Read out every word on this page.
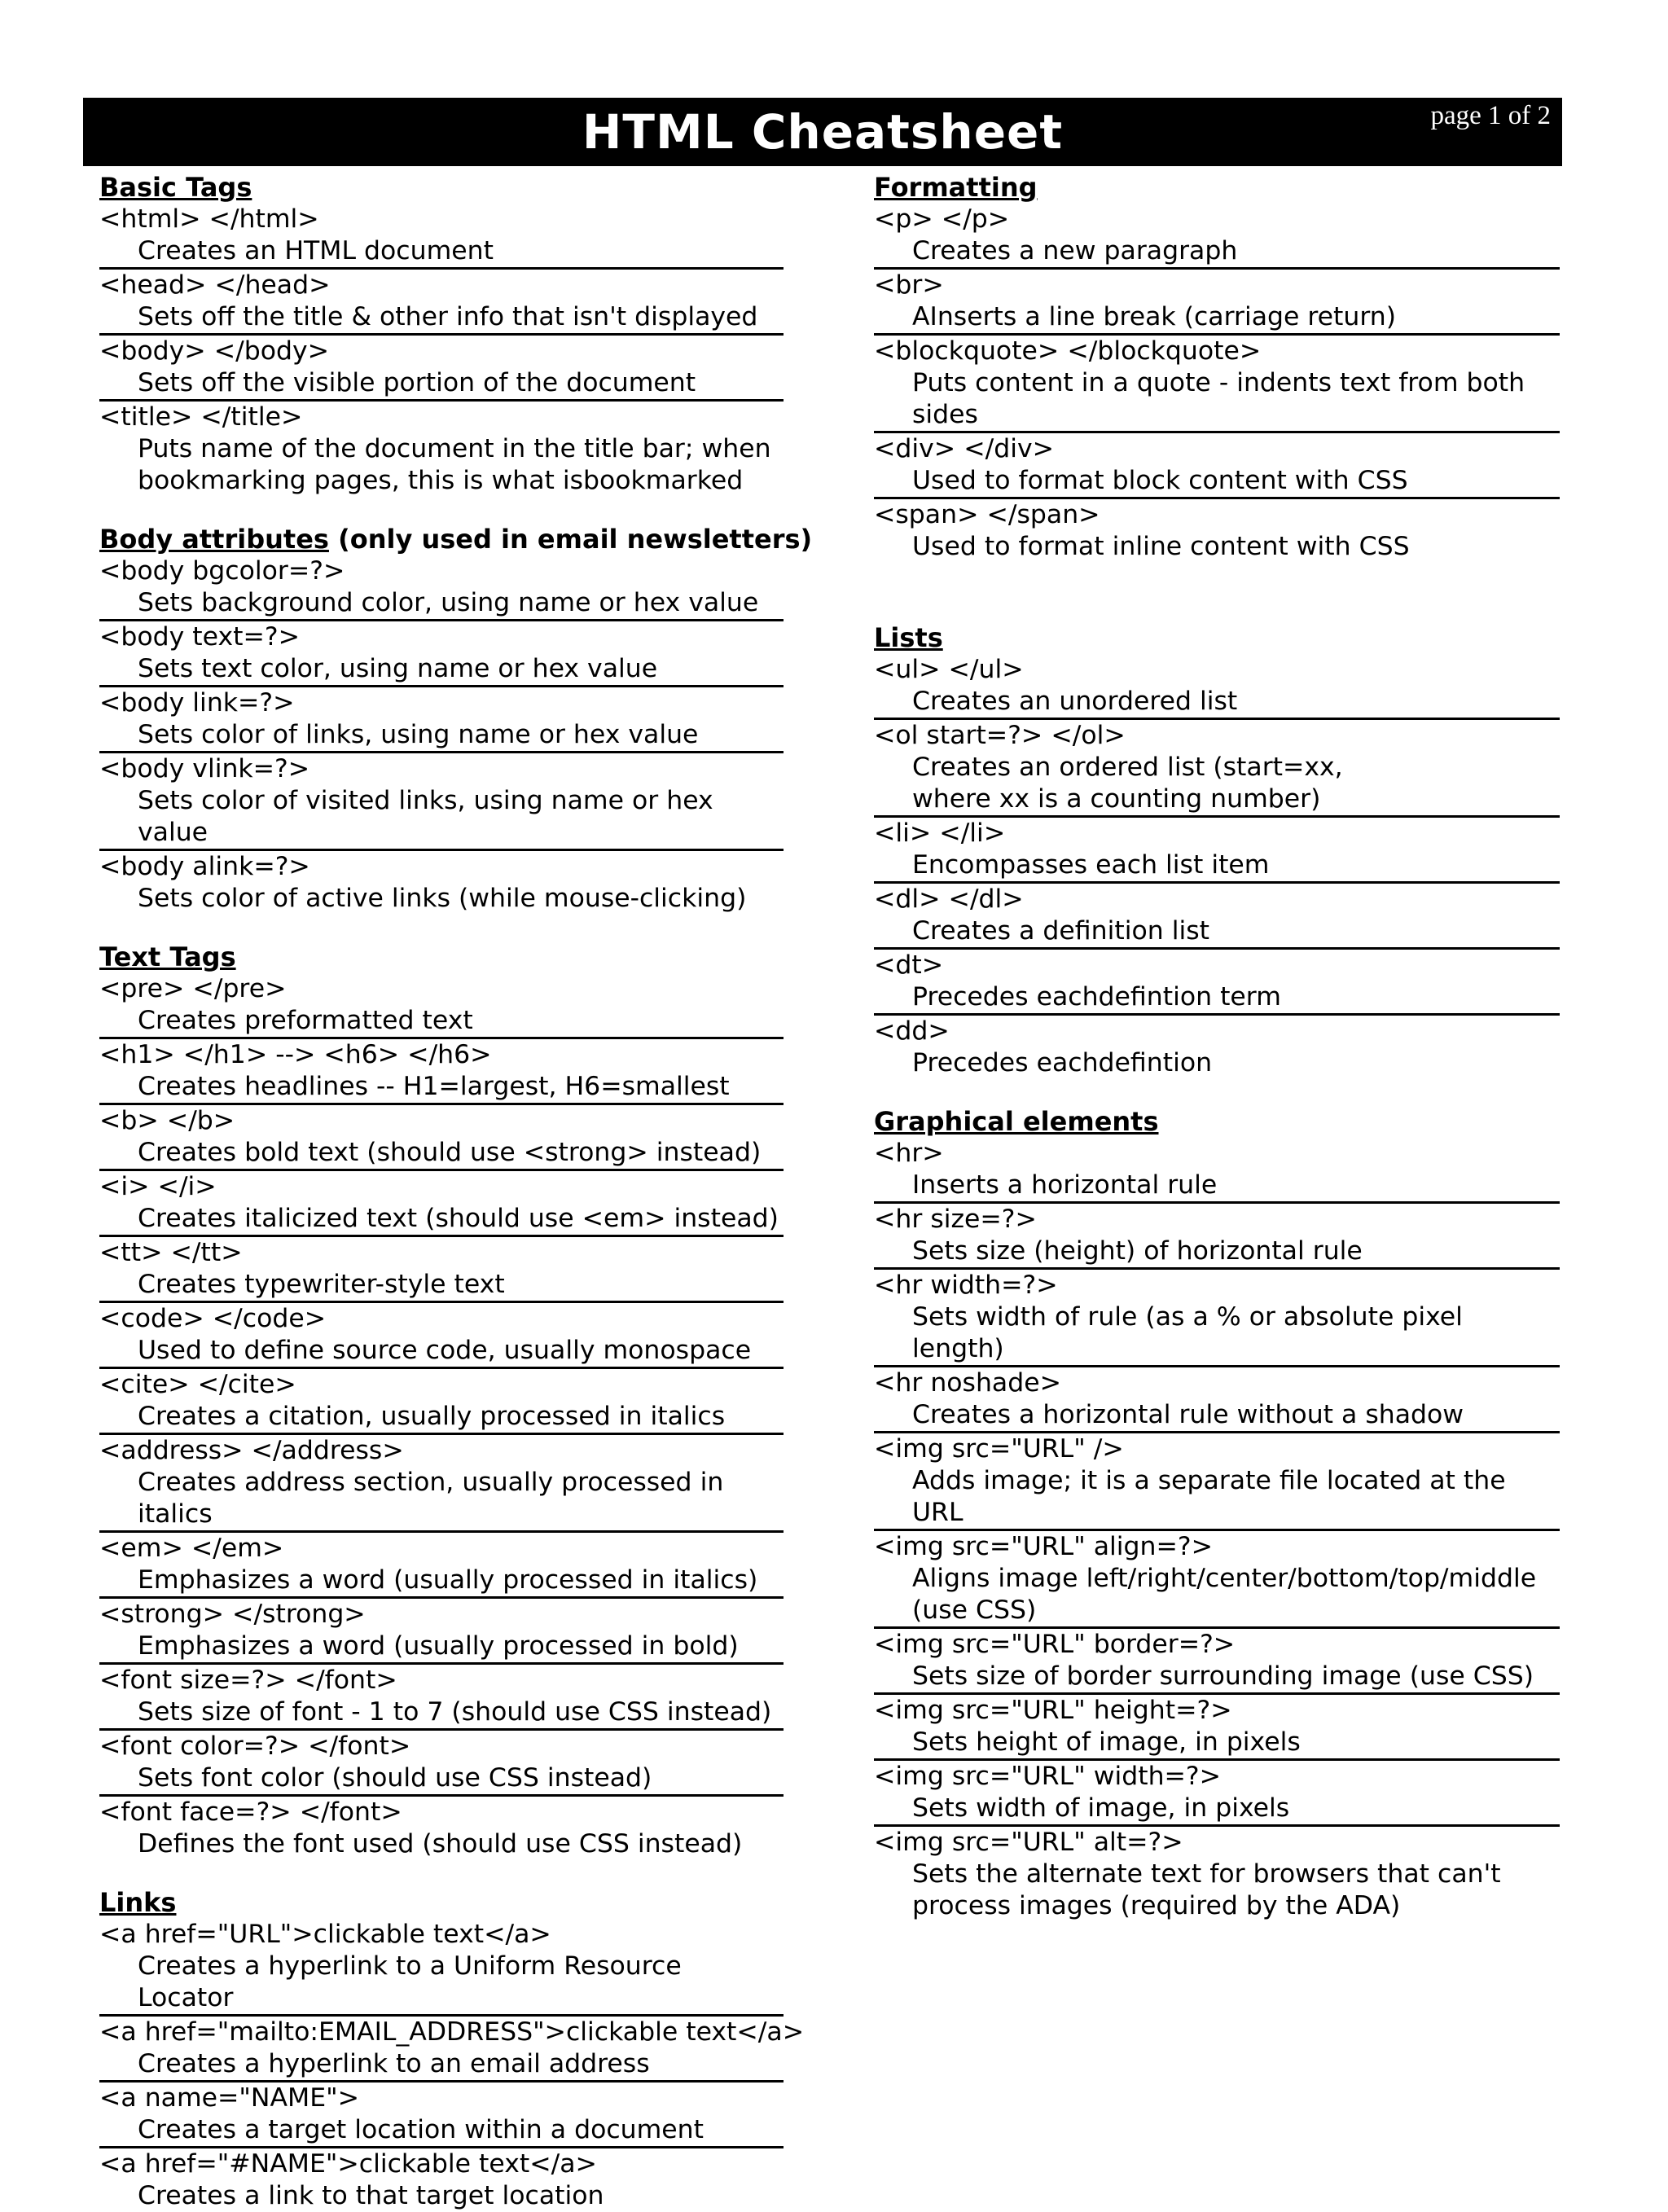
HTML Cheatsheet	page 1 of 2
Basic Tags
<html> </html>
Creates an HTML document
<head> </head>
Sets off the title & other info that isn't displayed
<body> </body>
Sets off the visible portion of the document
<title> </title>
Puts name of the document in the title bar; when
bookmarking pages, this is what isbookmarked
Body attributes (only used in email newsletters)
<body bgcolor=?>
Sets background color, using name or hex value
<body text=?>
Sets text color, using name or hex value
<body link=?>
Sets color of links, using name or hex value
<body vlink=?>
Sets color of visited links, using name or hex value
<body alink=?>
Sets color of active links (while mouse-clicking)
Text Tags
<pre> </pre>
Creates preformatted text
<h1> </h1> --> <h6> </h6>
Creates headlines -- H1=largest, H6=smallest
<b> </b>
Creates bold text (should use <strong> instead)
<i> </i>
Creates italicized text (should use <em> instead)
<tt> </tt>
Creates typewriter-style text
<code> </code>
Used to define source code, usually monospace
<cite> </cite>
Creates a citation, usually processed in italics
<address> </address>
Creates address section, usually processed in italics
<em> </em>
Emphasizes a word (usually processed in italics)
<strong> </strong>
Emphasizes a word (usually processed in bold)
<font size=?> </font>
Sets size of font - 1 to 7 (should use CSS instead)
<font color=?> </font>
Sets font color (should use CSS instead)
<font face=?> </font>
Defines the font used (should use CSS instead)
Links
<a href="URL">clickable text</a>
Creates a hyperlink to a Uniform Resource Locator
<a href="mailto:EMAIL_ADDRESS">clickable text</a>
Creates a hyperlink to an email address
<a name="NAME">
Creates a target location within a document
<a href="#NAME">clickable text</a>
Creates a link to that target location
Formatting
<p> </p>
Creates a new paragraph
<br>
AInserts a line break (carriage return)
<blockquote> </blockquote>
Puts content in a quote - indents text from both sides
<div> </div>
Used to format block content with CSS
<span> </span>
Used to format inline content with CSS
Lists
<ul> </ul>
Creates an unordered list
<ol start=?> </ol>
Creates an ordered list (start=xx,
where xx is a counting number)
<li> </li>
Encompasses each list item
<dl> </dl>
Creates a definition list
<dt>
Precedes eachdefintion term
<dd>
Precedes eachdefintion
Graphical elements
<hr>
Inserts a horizontal rule
<hr size=?>
Sets size (height) of horizontal rule
<hr width=?>
Sets width of rule (as a % or absolute pixel length)
<hr noshade>
Creates a horizontal rule without a shadow
<img src="URL" />
Adds image; it is a separate file located at the URL
<img src="URL" align=?>
Aligns image left/right/center/bottom/top/middle (use CSS)
<img src="URL" border=?>
Sets size of border surrounding image (use CSS)
<img src="URL" height=?>
Sets height of image, in pixels
<img src="URL" width=?>
Sets width of image, in pixels
<img src="URL" alt=?>
Sets the alternate text for browsers that can't
process images (required by the ADA)
